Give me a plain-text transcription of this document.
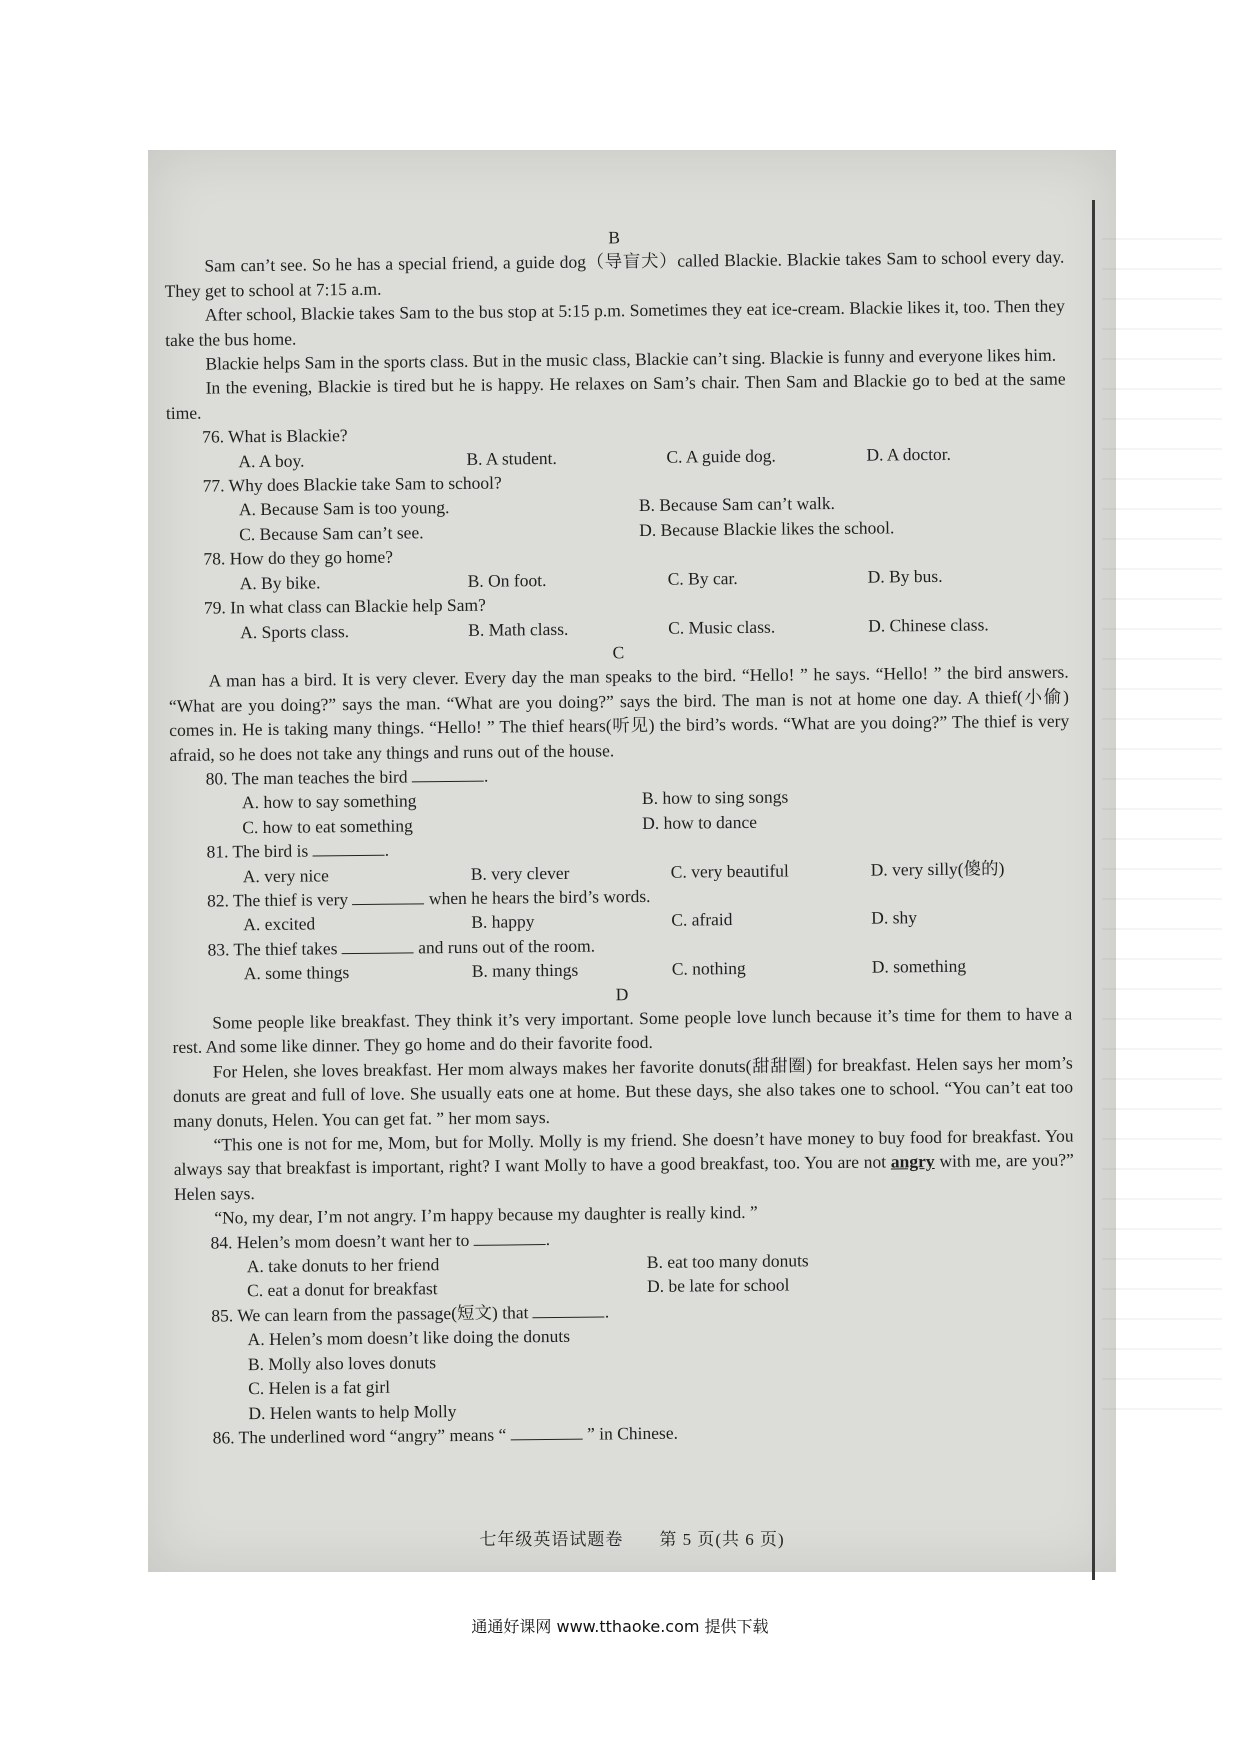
B

Sam can’t see. So he has a special friend, a guide dog（导盲犬）called Blackie. Blackie takes Sam to school every day. They get to school at 7:15 a.m.

After school, Blackie takes Sam to the bus stop at 5:15 p.m. Sometimes they eat ice-cream. Blackie likes it, too. Then they take the bus home.

Blackie helps Sam in the sports class. But in the music class, Blackie can’t sing. Blackie is funny and everyone likes him.

In the evening, Blackie is tired but he is happy. He relaxes on Sam’s chair. Then Sam and Blackie go to bed at the same time.

76. What is Blackie?

A. A boy.	B. A student.	C. A guide dog.	D. A doctor.

77. Why does Blackie take Sam to school?

A. Because Sam is too young.	B. Because Sam can’t walk.
C. Because Sam can’t see.	D. Because Blackie likes the school.

78. How do they go home?

A. By bike.	B. On foot.	C. By car.	D. By bus.

79. In what class can Blackie help Sam?

A. Sports class.	B. Math class.	C. Music class.	D. Chinese class.

C

A man has a bird. It is very clever. Every day the man speaks to the bird. “Hello! ” he says. “Hello! ” the bird answers. “What are you doing?” says the man. “What are you doing?” says the bird. The man is not at home one day. A thief(小偷) comes in. He is taking many things. “Hello! ” The thief hears(听见) the bird’s words. “What are you doing?” The thief is very afraid, so he does not take any things and runs out of the house.

80. The man teaches the bird	.

A. how to say something	B. how to sing songs
C. how to eat something	D. how to dance

81. The bird is	.

A. very nice	B. very clever	C. very beautiful	D. very silly(傻的)

82. The thief is very	when he hears the bird’s words.

A. excited	B. happy	C. afraid	D. shy

83. The thief takes	and runs out of the room.

A. some things	B. many things	C. nothing	D. something

D

Some people like breakfast. They think it’s very important. Some people love lunch because it’s time for them to have a rest. And some like dinner. They go home and do their favorite food.

For Helen, she loves breakfast. Her mom always makes her favorite donuts(甜甜圈) for breakfast. Helen says her mom’s donuts are great and full of love. She usually eats one at home. But these days, she also takes one to school. “You can’t eat too many donuts, Helen. You can get fat. ” her mom says.

“This one is not for me, Mom, but for Molly. Molly is my friend. She doesn’t have money to buy food for breakfast. You always say that breakfast is important, right? I want Molly to have a good breakfast, too. You are not angry with me, are you?” Helen says.

“No, my dear, I’m not angry. I’m happy because my daughter is really kind. ”

84. Helen’s mom doesn’t want her to	.

A. take donuts to her friend	B. eat too many donuts
C. eat a donut for breakfast	D. be late for school

85. We can learn from the passage(短文) that	.

A. Helen’s mom doesn’t like doing the donuts
B. Molly also loves donuts
C. Helen is a fat girl
D. Helen wants to help Molly

86. The underlined word “angry” means “	” in Chinese.

七年级英语试题卷　　第 5 页(共 6 页)
通通好课网 www.tthaoke.com 提供下载
